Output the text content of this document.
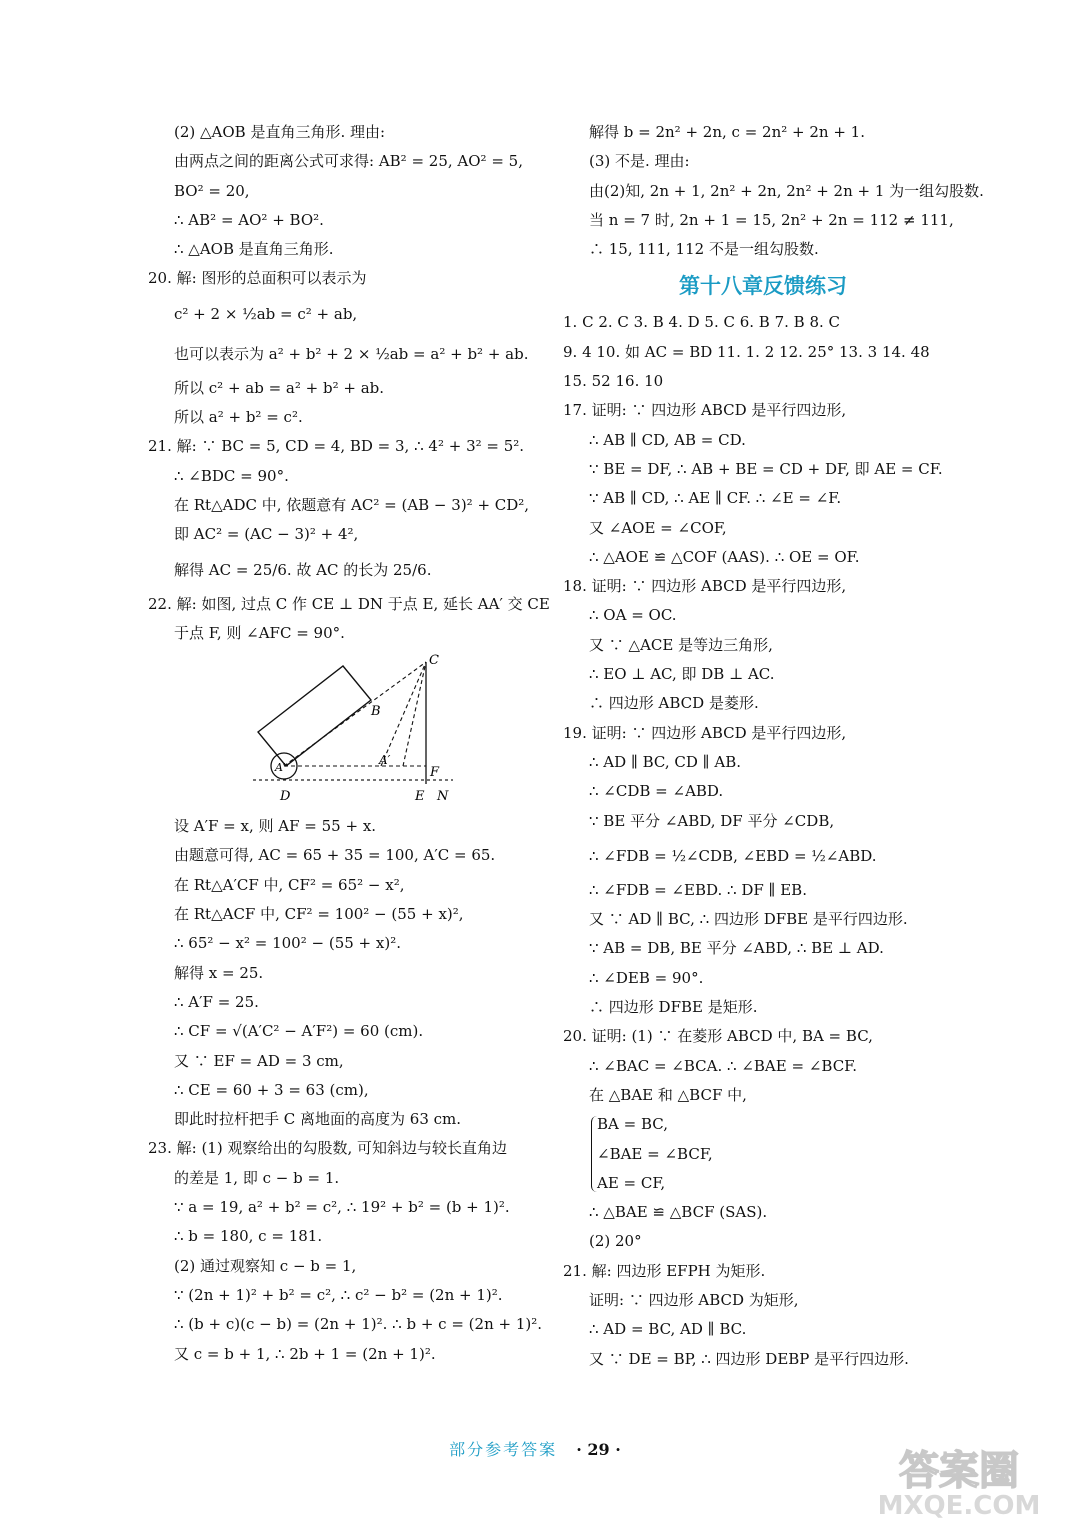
(2) △AOB 是直角三角形. 理由:
由两点之间的距离公式可求得: AB² = 25, AO² = 5,
BO² = 20,
∴ AB² = AO² + BO².
∴ △AOB 是直角三角形.
20. 解: 图形的总面积可以表示为
c² + 2 × ½ab = c² + ab,
也可以表示为 a² + b² + 2 × ½ab = a² + b² + ab.
所以 c² + ab = a² + b² + ab.
所以 a² + b² = c².
21. 解: ∵ BC = 5, CD = 4, BD = 3, ∴ 4² + 3² = 5².
∴ ∠BDC = 90°.
在 Rt△ADC 中, 依题意有 AC² = (AB − 3)² + CD²,
即 AC² = (AC − 3)² + 4²,
解得 AC = 25/6. 故 AC 的长为 25/6.
22. 解: 如图, 过点 C 作 CE ⊥ DN 于点 E, 延长 AA′ 交 CE
于点 F, 则 ∠AFC = 90°.
C
B
A′
A′
F
D	E N
设 A′F = x, 则 AF = 55 + x.
由题意可得, AC = 65 + 35 = 100, A′C = 65.
在 Rt△A′CF 中, CF² = 65² − x²,
在 Rt△ACF 中, CF² = 100² − (55 + x)²,
∴ 65² − x² = 100² − (55 + x)².
解得 x = 25.
∴ A′F = 25.
∴ CF = √(A′C² − A′F²) = 60 (cm).
又 ∵ EF = AD = 3 cm,
∴ CE = 60 + 3 = 63 (cm),
即此时拉杆把手 C 离地面的高度为 63 cm.
23. 解: (1) 观察给出的勾股数, 可知斜边与较长直角边
的差是 1, 即 c − b = 1.
∵ a = 19, a² + b² = c², ∴ 19² + b² = (b + 1)².
∴ b = 180, c = 181.
(2) 通过观察知 c − b = 1,
∵ (2n + 1)² + b² = c², ∴ c² − b² = (2n + 1)².
∴ (b + c)(c − b) = (2n + 1)². ∴ b + c = (2n + 1)².
又 c = b + 1, ∴ 2b + 1 = (2n + 1)².
解得 b = 2n² + 2n, c = 2n² + 2n + 1.
(3) 不是. 理由:
由(2)知, 2n + 1, 2n² + 2n, 2n² + 2n + 1 为一组勾股数.
当 n = 7 时, 2n + 1 = 15, 2n² + 2n = 112 ≠ 111,
∴ 15, 111, 112 不是一组勾股数.
第十八章反馈练习
1. C 2. C 3. B 4. D 5. C 6. B 7. B 8. C
9. 4 10. 如 AC = BD 11. 1. 2 12. 25° 13. 3 14. 48
15. 52 16. 10
17. 证明: ∵ 四边形 ABCD 是平行四边形,
∴ AB ∥ CD, AB = CD.
∵ BE = DF, ∴ AB + BE = CD + DF, 即 AE = CF.
∵ AB ∥ CD, ∴ AE ∥ CF. ∴ ∠E = ∠F.
又 ∠AOE = ∠COF,
∴ △AOE ≌ △COF (AAS). ∴ OE = OF.
18. 证明: ∵ 四边形 ABCD 是平行四边形,
∴ OA = OC.
又 ∵ △ACE 是等边三角形,
∴ EO ⊥ AC, 即 DB ⊥ AC.
∴ 四边形 ABCD 是菱形.
19. 证明: ∵ 四边形 ABCD 是平行四边形,
∴ AD ∥ BC, CD ∥ AB.
∴ ∠CDB = ∠ABD.
∵ BE 平分 ∠ABD, DF 平分 ∠CDB,
∴ ∠FDB = ½∠CDB, ∠EBD = ½∠ABD.
∴ ∠FDB = ∠EBD. ∴ DF ∥ EB.
又 ∵ AD ∥ BC, ∴ 四边形 DFBE 是平行四边形.
∵ AB = DB, BE 平分 ∠ABD, ∴ BE ⊥ AD.
∴ ∠DEB = 90°.
∴ 四边形 DFBE 是矩形.
20. 证明: (1) ∵ 在菱形 ABCD 中, BA = BC,
∴ ∠BAC = ∠BCA. ∴ ∠BAE = ∠BCF.
在 △BAE 和 △BCF 中,
BA = BC,
∠BAE = ∠BCF,
AE = CF,
∴ △BAE ≌ △BCF (SAS).
(2) 20°
21. 解: 四边形 EFPH 为矩形.
证明: ∵ 四边形 ABCD 为矩形,
∴ AD = BC, AD ∥ BC.
又 ∵ DE = BP, ∴ 四边形 DEBP 是平行四边形.
部分参考答案 · 29 ·	答案圈
MXQE.COM
